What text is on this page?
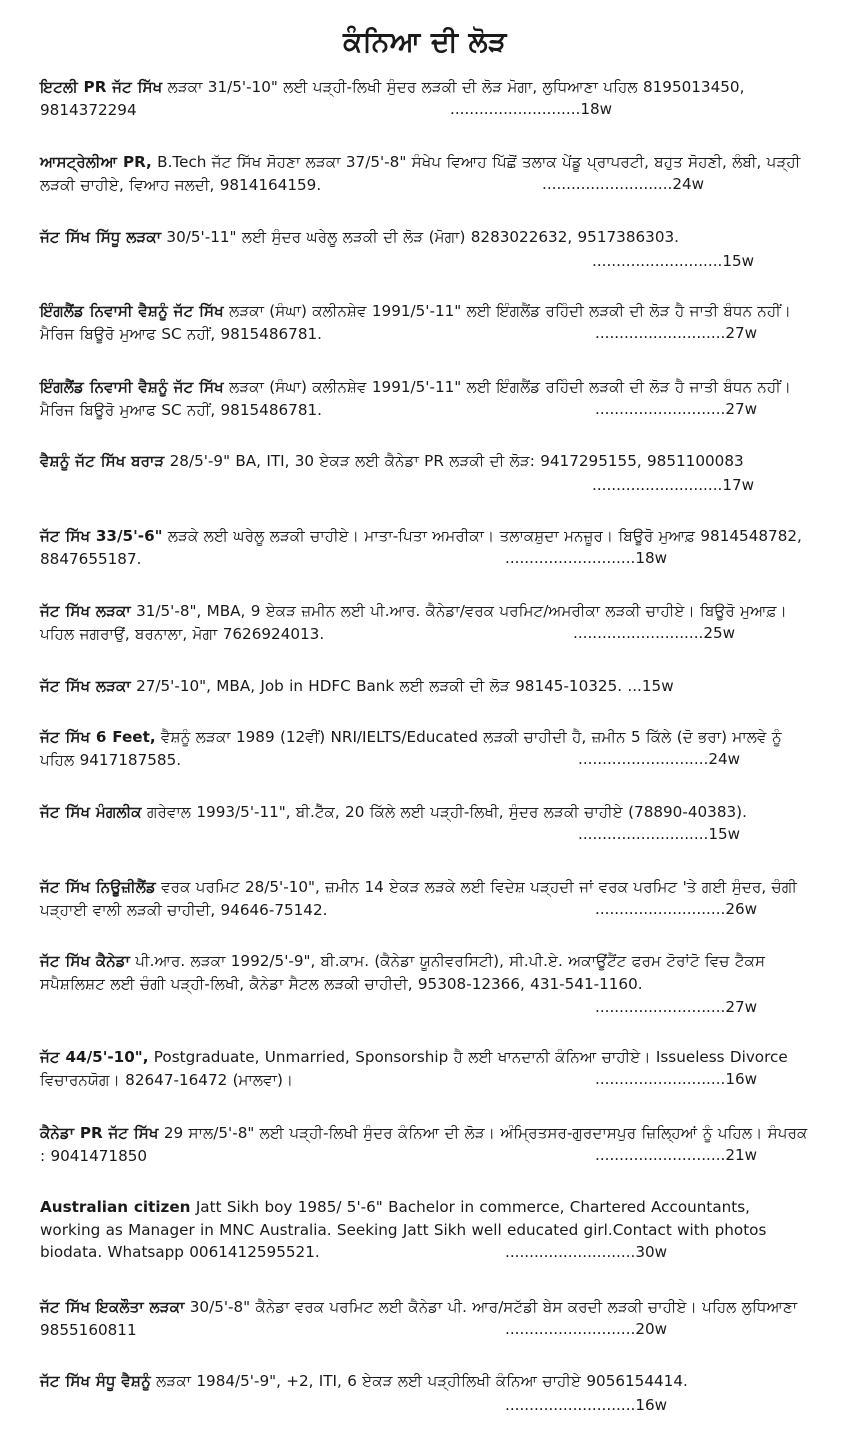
ਕੰਨਿਆ ਦੀ ਲੋੜ
ਇਟਲੀ PR ਜੱਟ ਸਿੱਖ ਲੜਕਾ 31/5'-10" ਲਈ ਪੜ੍ਹੀ-ਲਿਖੀ ਸੁੰਦਰ ਲੜਕੀ ਦੀ ਲੋੜ ਮੋਗਾ, ਲੁਧਿਆਣਾ ਪਹਿਲ 8195013450, 9814372294	...........................18w
ਆਸਟ੍ਰੇਲੀਆ PR, B.Tech ਜੱਟ ਸਿੱਖ ਸੋਹਣਾ ਲੜਕਾ 37/5'-8" ਸੰਖੇਪ ਵਿਆਹ ਪਿੱਛੋਂ ਤਲਾਕ ਪੇਂਡੂ ਪ੍ਰਾਪਰਟੀ, ਬਹੁਤ ਸੋਹਣੀ, ਲੰਬੀ, ਪੜ੍ਹੀ ਲੜਕੀ ਚਾਹੀਏ, ਵਿਆਹ ਜਲਦੀ, 9814164159.	...........................24w
ਜੱਟ ਸਿੱਖ ਸਿੱਧੂ ਲੜਕਾ 30/5'-11" ਲਈ ਸੁੰਦਰ ਘਰੇਲੂ ਲੜਕੀ ਦੀ ਲੋੜ (ਮੋਗਾ) 8283022632, 9517386303.
...........................15w
ਇੰਗਲੈਂਡ ਨਿਵਾਸੀ ਵੈਸ਼ਨੂੰ ਜੱਟ ਸਿੱਖ ਲੜਕਾ (ਸੰਘਾ) ਕਲੀਨਸ਼ੇਵ 1991/5'-11" ਲਈ ਇੰਗਲੈਂਡ ਰਹਿੰਦੀ ਲੜਕੀ ਦੀ ਲੋੜ ਹੈ ਜਾਤੀ ਬੰਧਨ ਨਹੀਂ। ਮੈਰਿਜ ਬਿਊਰੋ ਮੁਆਫ SC ਨਹੀਂ, 9815486781.	...........................27w
ਇੰਗਲੈਂਡ ਨਿਵਾਸੀ ਵੈਸ਼ਨੂੰ ਜੱਟ ਸਿੱਖ ਲੜਕਾ (ਸੰਘਾ) ਕਲੀਨਸ਼ੇਵ 1991/5'-11" ਲਈ ਇੰਗਲੈਂਡ ਰਹਿੰਦੀ ਲੜਕੀ ਦੀ ਲੋੜ ਹੈ ਜਾਤੀ ਬੰਧਨ ਨਹੀਂ। ਮੈਰਿਜ ਬਿਊਰੋ ਮੁਆਫ SC ਨਹੀਂ, 9815486781.	...........................27w
ਵੈਸ਼ਨੂੰ ਜੱਟ ਸਿੱਖ ਬਰਾੜ 28/5'-9" BA, ITI, 30 ਏਕੜ ਲਈ ਕੈਨੇਡਾ PR ਲੜਕੀ ਦੀ ਲੋੜ: 9417295155, 9851100083
...........................17w
ਜੱਟ ਸਿੱਖ 33/5'-6" ਲੜਕੇ ਲਈ ਘਰੇਲੂ ਲੜਕੀ ਚਾਹੀਏ। ਮਾਤਾ-ਪਿਤਾ ਅਮਰੀਕਾ। ਤਲਾਕਸ਼ੁਦਾ ਮਨਜ਼ੂਰ। ਬਿਊਰੋ ਮੁਆਫ਼ 9814548782, 8847655187.	...........................18w
ਜੱਟ ਸਿੱਖ ਲੜਕਾ 31/5'-8", MBA, 9 ਏਕੜ ਜ਼ਮੀਨ ਲਈ ਪੀ.ਆਰ. ਕੈਨੇਡਾ/ਵਰਕ ਪਰਮਿਟ/ਅਮਰੀਕਾ ਲੜਕੀ ਚਾਹੀਏ। ਬਿਊਰੋ ਮੁਆਫ਼। ਪਹਿਲ ਜਗਰਾਉਂ, ਬਰਨਾਲਾ, ਮੋਗਾ 7626924013.	...........................25w
ਜੱਟ ਸਿੱਖ ਲੜਕਾ 27/5'-10", MBA, Job in HDFC Bank ਲਈ ਲੜਕੀ ਦੀ ਲੋੜ 98145-10325. ...15w
ਜੱਟ ਸਿੱਖ 6 Feet, ਵੈਸ਼ਨੂੰ ਲੜਕਾ 1989 (12ਵੀਂ) NRI/IELTS/Educated ਲੜਕੀ ਚਾਹੀਦੀ ਹੈ, ਜ਼ਮੀਨ 5 ਕਿੱਲੇ (ਦੋ ਭਰਾ) ਮਾਲਵੇ ਨੂੰ ਪਹਿਲ 9417187585.	...........................24w
ਜੱਟ ਸਿੱਖ ਮੰਗਲੀਕ ਗਰੇਵਾਲ 1993/5'-11", ਬੀ.ਟੈੱਕ, 20 ਕਿੱਲੇ ਲਈ ਪੜ੍ਹੀ-ਲਿਖੀ, ਸੁੰਦਰ ਲੜਕੀ ਚਾਹੀਏ (78890-40383).
...........................15w
ਜੱਟ ਸਿੱਖ ਨਿਊਜ਼ੀਲੈਂਡ ਵਰਕ ਪਰਮਿਟ 28/5'-10", ਜ਼ਮੀਨ 14 ਏਕੜ ਲੜਕੇ ਲਈ ਵਿਦੇਸ਼ ਪੜ੍ਹਦੀ ਜਾਂ ਵਰਕ ਪਰਮਿਟ 'ਤੇ ਗਈ ਸੁੰਦਰ, ਚੰਗੀ ਪੜ੍ਹਾਈ ਵਾਲੀ ਲੜਕੀ ਚਾਹੀਦੀ, 94646-75142.	...........................26w
ਜੱਟ ਸਿੱਖ ਕੈਨੇਡਾ ਪੀ.ਆਰ. ਲੜਕਾ 1992/5'-9", ਬੀ.ਕਾਮ. (ਕੈਨੇਡਾ ਯੂਨੀਵਰਸਿਟੀ), ਸੀ.ਪੀ.ਏ. ਅਕਾਊਂਟੈਂਟ ਫਰਮ ਟੋਰਾਂਟੋ ਵਿਚ ਟੈਕਸ ਸਪੈਸ਼ਲਿਸ਼ਟ ਲਈ ਚੰਗੀ ਪੜ੍ਹੀ-ਲਿਖੀ, ਕੈਨੇਡਾ ਸੈਟਲ ਲੜਕੀ ਚਾਹੀਦੀ, 95308-12366, 431-541-1160.
...........................27w
ਜੱਟ 44/5'-10", Postgraduate, Unmarried, Sponsorship ਹੈ ਲਈ ਖਾਨਦਾਨੀ ਕੰਨਿਆ ਚਾਹੀਏ। Issueless Divorce ਵਿਚਾਰਨਯੋਗ। 82647-16472 (ਮਾਲਵਾ)।	...........................16w
ਕੈਨੇਡਾ PR ਜੱਟ ਸਿੱਖ 29 ਸਾਲ/5'-8" ਲਈ ਪੜ੍ਹੀ-ਲਿਖੀ ਸੁੰਦਰ ਕੰਨਿਆ ਦੀ ਲੋੜ। ਅੰਮ੍ਰਿਤਸਰ-ਗੁਰਦਾਸਪੁਰ ਜ਼ਿਲ੍ਹਿਆਂ ਨੂੰ ਪਹਿਲ। ਸੰਪਰਕ : 9041471850	...........................21w
Australian citizen Jatt Sikh boy 1985/ 5'-6" Bachelor in commerce, Chartered Accountants, working as Manager in MNC Australia. Seeking Jatt Sikh well educated girl.Contact with photos biodata. Whatsapp 0061412595521.	...........................30w
ਜੱਟ ਸਿੱਖ ਇਕਲੌਤਾ ਲੜਕਾ 30/5'-8" ਕੈਨੇਡਾ ਵਰਕ ਪਰਮਿਟ ਲਈ ਕੈਨੇਡਾ ਪੀ. ਆਰ/ਸਟੱਡੀ ਬੇਸ ਕਰਦੀ ਲੜਕੀ ਚਾਹੀਏ। ਪਹਿਲ ਲੁਧਿਆਣਾ 9855160811	...........................20w
ਜੱਟ ਸਿੱਖ ਸੰਧੂ ਵੈਸ਼ਨੂੰ ਲੜਕਾ 1984/5'-9", +2, ITI, 6 ਏਕੜ ਲਈ ਪੜ੍ਹੀਲਿਖੀ ਕੰਨਿਆ ਚਾਹੀਏ 9056154414.
...........................16w
